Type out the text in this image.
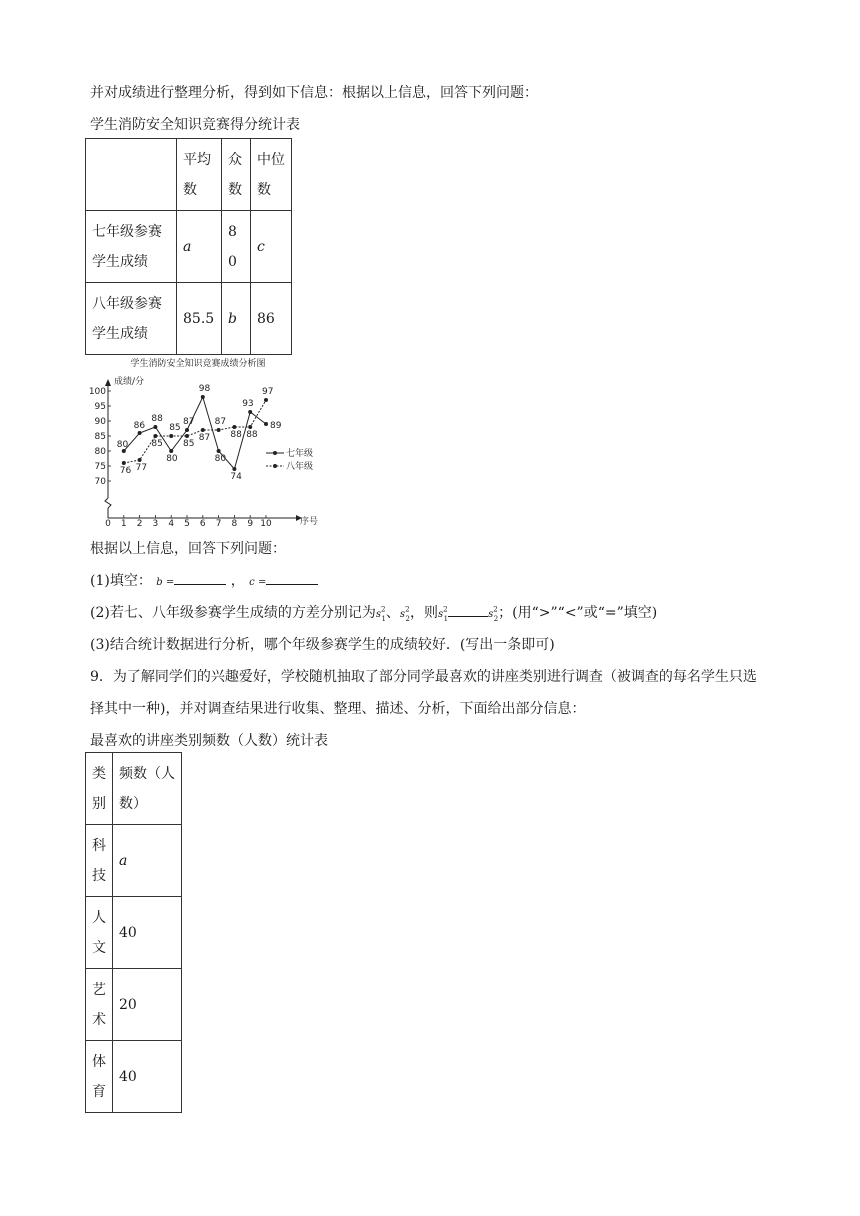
并对成绩进行整理分析，得到如下信息：根据以上信息，回答下列问题：
学生消防安全知识竞赛得分统计表
	平均数	众数	中位数
七年级参赛学生成绩	a	80	c
八年级参赛学生成绩	85.5	b	86
学生消防安全知识竞赛成绩分析图
成绩/分
序号
70
75
80
85
90
95
100
0 1 2 3 4 5 6 7 8 9 10
80
86
88
80
87
98
80
74
93
89
76 77
85
85
85
87
87
88 88
97
七年级
八年级
根据以上信息，回答下列问题：
(1)填空： b =	， c =
(2)若七、八年级参赛学生成绩的方差分别记为$s^2_1$、$s^2_2$，则$s^2_1$	$s^2_2$；(用“>”“<”或“=”填空)
(3)结合统计数据进行分析，哪个年级参赛学生的成绩较好．(写出一条即可)
9．为了解同学们的兴趣爱好，学校随机抽取了部分同学最喜欢的讲座类别进行调查（被调查的每名学生只选
择其中一种)，并对调查结果进行收集、整理、描述、分析，下面给出部分信息：
最喜欢的讲座类别频数（人数）统计表
类别	频数（人数）
科技	a
人文	40
艺术	20
体育	40
